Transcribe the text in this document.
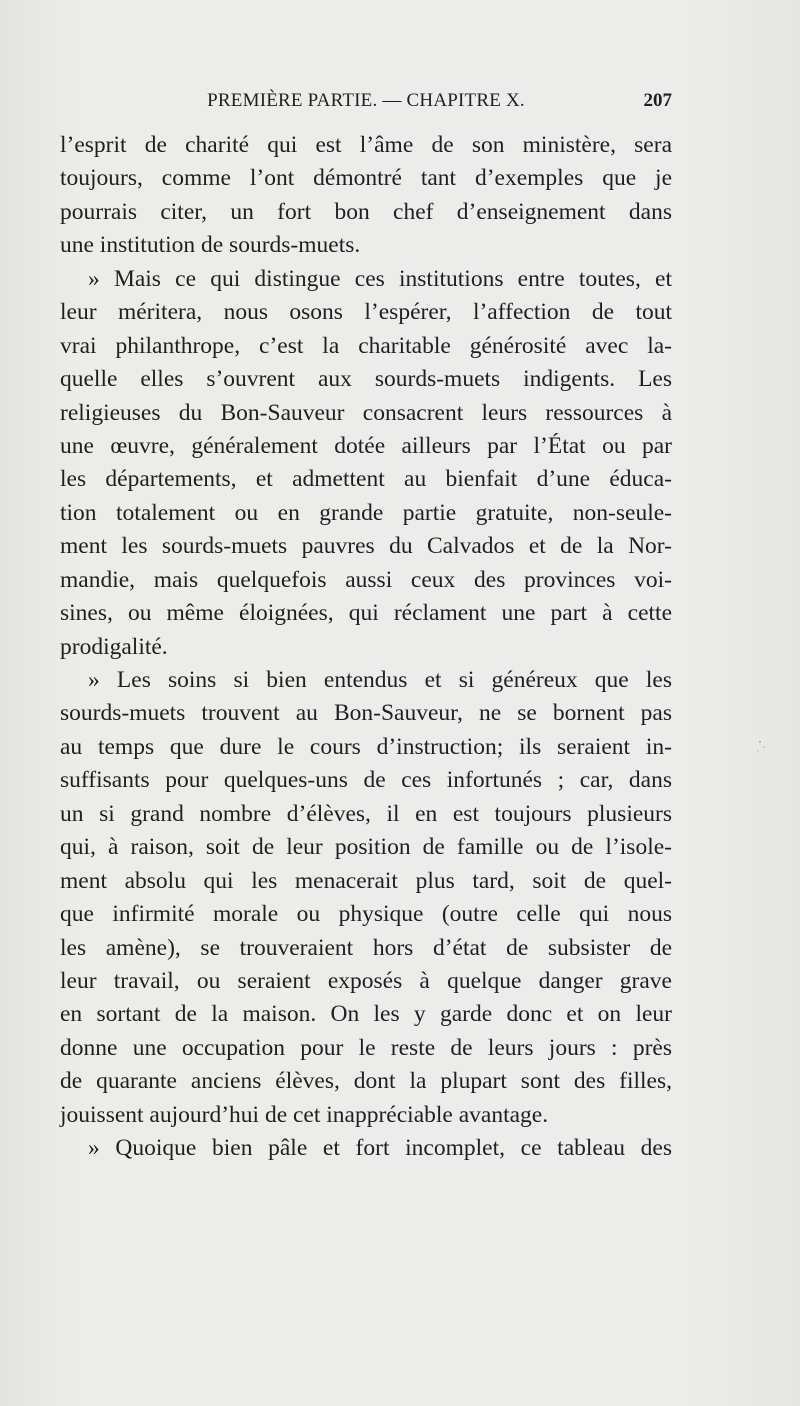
PREMIÈRE PARTIE. — CHAPITRE X.	207
l’esprit de charité qui est l’âme de son ministère, sera
toujours, comme l’ont démontré tant d’exemples que je
pourrais citer, un fort bon chef d’enseignement dans
une institution de sourds-muets.
» Mais ce qui distingue ces institutions entre toutes, et
leur méritera, nous osons l’espérer, l’affection de tout
vrai philanthrope, c’est la charitable générosité avec la-
quelle elles s’ouvrent aux sourds-muets indigents. Les
religieuses du Bon-Sauveur consacrent leurs ressources à
une œuvre, généralement dotée ailleurs par l’État ou par
les départements, et admettent au bienfait d’une éduca-
tion totalement ou en grande partie gratuite, non-seule-
ment les sourds-muets pauvres du Calvados et de la Nor-
mandie, mais quelquefois aussi ceux des provinces voi-
sines, ou même éloignées, qui réclament une part à cette
prodigalité.
» Les soins si bien entendus et si généreux que les
sourds-muets trouvent au Bon-Sauveur, ne se bornent pas
au temps que dure le cours d’instruction; ils seraient in-
suffisants pour quelques-uns de ces infortunés ; car, dans
un si grand nombre d’élèves, il en est toujours plusieurs
qui, à raison, soit de leur position de famille ou de l’isole-
ment absolu qui les menacerait plus tard, soit de quel-
que infirmité morale ou physique (outre celle qui nous
les amène), se trouveraient hors d’état de subsister de
leur travail, ou seraient exposés à quelque danger grave
en sortant de la maison. On les y garde donc et on leur
donne une occupation pour le reste de leurs jours : près
de quarante anciens élèves, dont la plupart sont des filles,
jouissent aujourd’hui de cet inappréciable avantage.
» Quoique bien pâle et fort incomplet, ce tableau des
